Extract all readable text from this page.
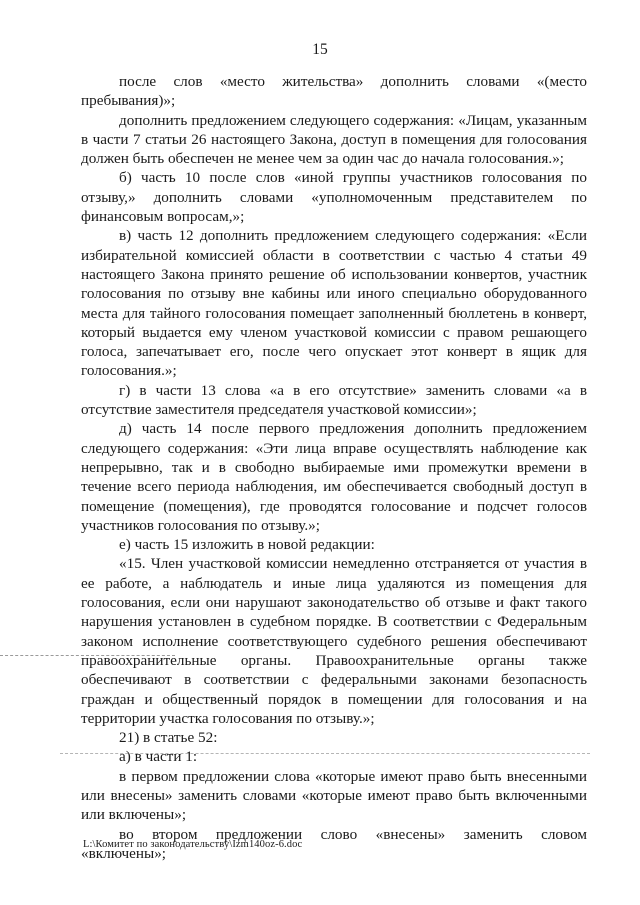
15

после слов «место жительства» дополнить словами «(место пребывания)»;

дополнить предложением следующего содержания: «Лицам, указанным в части 7 статьи 26 настоящего Закона, доступ в помещения для голосования должен быть обеспечен не менее чем за один час до начала голосования.»;

б) часть 10 после слов «иной группы участников голосования по отзыву,» дополнить словами «уполномоченным представителем по финансовым вопросам,»;

в) часть 12 дополнить предложением следующего содержания: «Если избирательной комиссией области в соответствии с частью 4 статьи 49 настоящего Закона принято решение об использовании конвертов, участник голосования по отзыву вне кабины или иного специально оборудованного места для тайного голосования помещает заполненный бюллетень в конверт, который выдается ему членом участковой комиссии с правом решающего голоса, запечатывает его, после чего опускает этот конверт в ящик для голосования.»;

г) в части 13 слова «а в его отсутствие» заменить словами «а в отсутствие заместителя председателя участковой комиссии»;

д) часть 14 после первого предложения дополнить предложением следующего содержания: «Эти лица вправе осуществлять наблюдение как непрерывно, так и в свободно выбираемые ими промежутки времени в течение всего периода наблюдения, им обеспечивается свободный доступ в помещение (помещения), где проводятся голосование и подсчет голосов участников голосования по отзыву.»;

е) часть 15 изложить в новой редакции:

«15. Член участковой комиссии немедленно отстраняется от участия в ее работе, а наблюдатель и иные лица удаляются из помещения для голосования, если они нарушают законодательство об отзыве и факт такого нарушения установлен в судебном порядке. В соответствии с Федеральным законом исполнение соответствующего судебного решения обеспечивают правоохранительные органы. Правоохранительные органы также обеспечивают в соответствии с федеральными законами безопасность граждан и общественный порядок в помещении для голосования и на территории участка голосования по отзыву.»;

21) в статье 52:

а) в части 1:

в первом предложении слова «которые имеют право быть внесенными или внесены» заменить словами «которые имеют право быть включенными или включены»;

во втором предложении слово «внесены» заменить словом «включены»;

L:\Комитет по законодательству\Izm140oz-6.doc
